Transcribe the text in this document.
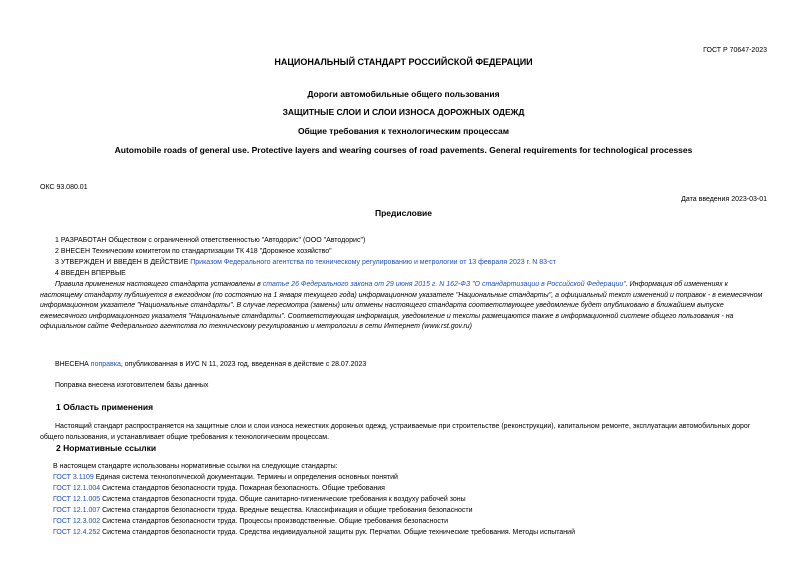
ГОСТ Р 70647-2023
НАЦИОНАЛЬНЫЙ СТАНДАРТ РОССИЙСКОЙ ФЕДЕРАЦИИ
Дороги автомобильные общего пользования
ЗАЩИТНЫЕ СЛОИ И СЛОИ ИЗНОСА ДОРОЖНЫХ ОДЕЖД
Общие требования к технологическим процессам
Automobile roads of general use. Protective layers and wearing courses of road pavements. General requirements for technological processes
ОКС 93.080.01
Дата введения 2023-03-01
Предисловие
1 РАЗРАБОТАН Обществом с ограниченной ответственностью "Автодорис" (ООО "Автодорис")
2 ВНЕСЕН Техническим комитетом по стандартизации ТК 418 "Дорожное хозяйство"
3 УТВЕРЖДЕН И ВВЕДЕН В ДЕЙСТВИЕ Приказом Федерального агентства по техническому регулированию и метрологии от 13 февраля 2023 г. N 83-ст
4 ВВЕДЕН ВПЕРВЫЕ
Правила применения настоящего стандарта установлены в статье 26 Федерального закона от 29 июня 2015 г. N 162-ФЗ "О стандартизации в Российской Федерации". Информация об изменениях к настоящему стандарту публикуется в ежегодном (по состоянию на 1 января текущего года) информационном указателе "Национальные стандарты", а официальный текст изменений и поправок - в ежемесячном информационном указателе "Национальные стандарты". В случае пересмотра (замены) или отмены настоящего стандарта соответствующее уведомление будет опубликовано в ближайшем выпуске ежемесячного информационного указателя "Национальные стандарты". Соответствующая информация, уведомление и тексты размещаются также в информационной системе общего пользования - на официальном сайте Федерального агентства по техническому регулированию и метрологии в сети Интернет (www.rst.gov.ru)
ВНЕСЕНА поправка, опубликованная в ИУС N 11, 2023 год, введенная в действие с 28.07.2023
Поправка внесена изготовителем базы данных
1 Область применения
Настоящий стандарт распространяется на защитные слои и слои износа нежестких дорожных одежд, устраиваемые при строительстве (реконструкции), капитальном ремонте, эксплуатации автомобильных дорог общего пользования, и устанавливает общие требования к технологическим процессам.
2 Нормативные ссылки
В настоящем стандарте использованы нормативные ссылки на следующие стандарты:
ГОСТ 3.1109 Единая система технологической документации. Термины и определения основных понятий
ГОСТ 12.1.004 Система стандартов безопасности труда. Пожарная безопасность. Общие требования
ГОСТ 12.1.005 Система стандартов безопасности труда. Общие санитарно-гигиенические требования к воздуху рабочей зоны
ГОСТ 12.1.007 Система стандартов безопасности труда. Вредные вещества. Классификация и общие требования безопасности
ГОСТ 12.3.002 Система стандартов безопасности труда. Процессы производственные. Общие требования безопасности
ГОСТ 12.4.252 Система стандартов безопасности труда. Средства индивидуальной защиты рук. Перчатки. Общие технические требования. Методы испытаний
